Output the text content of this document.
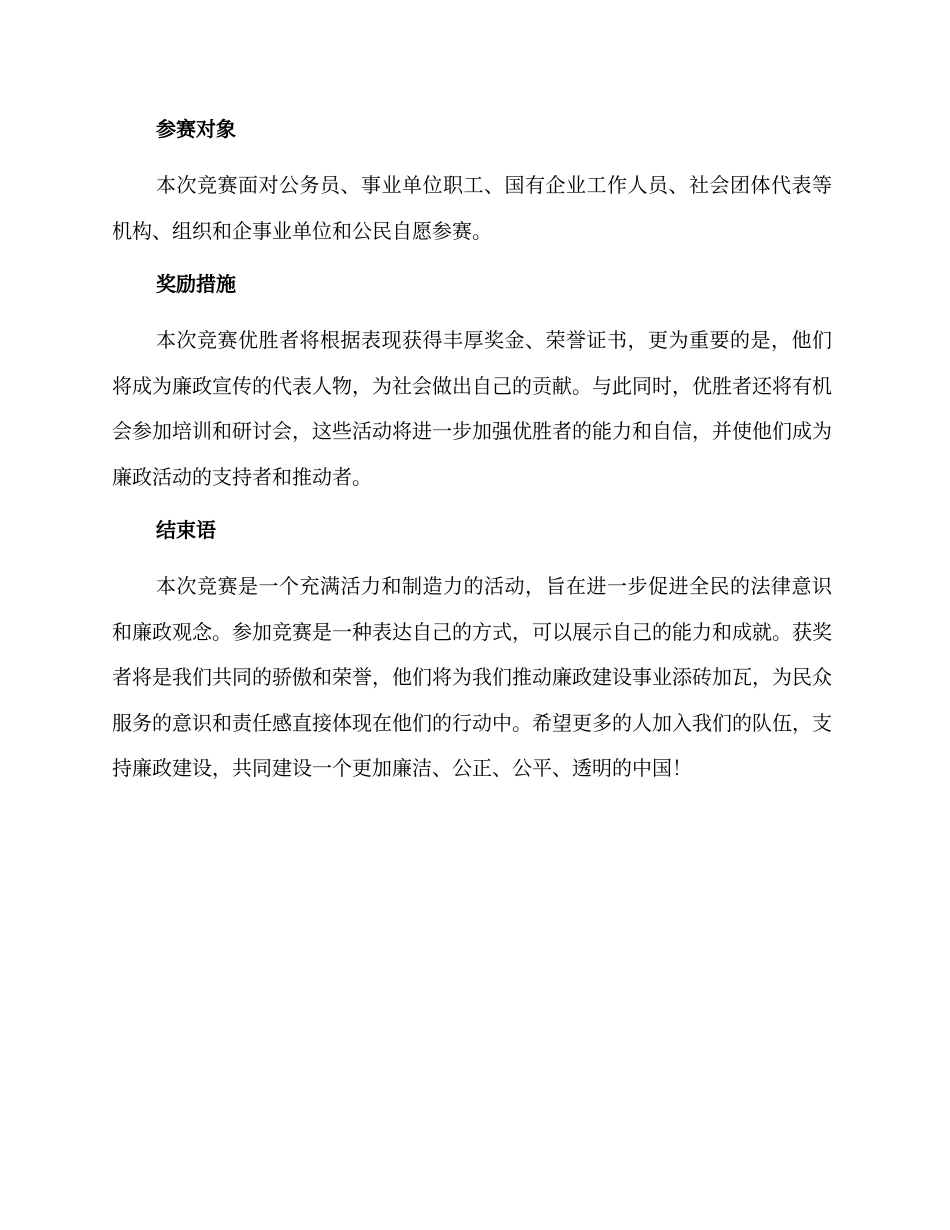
参赛对象

本次竞赛面对公务员、事业单位职工、国有企业工作人员、社会团体代表等机构、组织和企事业单位和公民自愿参赛。

奖励措施

本次竞赛优胜者将根据表现获得丰厚奖金、荣誉证书，更为重要的是，他们将成为廉政宣传的代表人物，为社会做出自己的贡献。与此同时，优胜者还将有机会参加培训和研讨会，这些活动将进一步加强优胜者的能力和自信，并使他们成为廉政活动的支持者和推动者。

结束语

本次竞赛是一个充满活力和制造力的活动，旨在进一步促进全民的法律意识和廉政观念。参加竞赛是一种表达自己的方式，可以展示自己的能力和成就。获奖者将是我们共同的骄傲和荣誉，他们将为我们推动廉政建设事业添砖加瓦，为民众服务的意识和责任感直接体现在他们的行动中。希望更多的人加入我们的队伍，支持廉政建设，共同建设一个更加廉洁、公正、公平、透明的中国！
